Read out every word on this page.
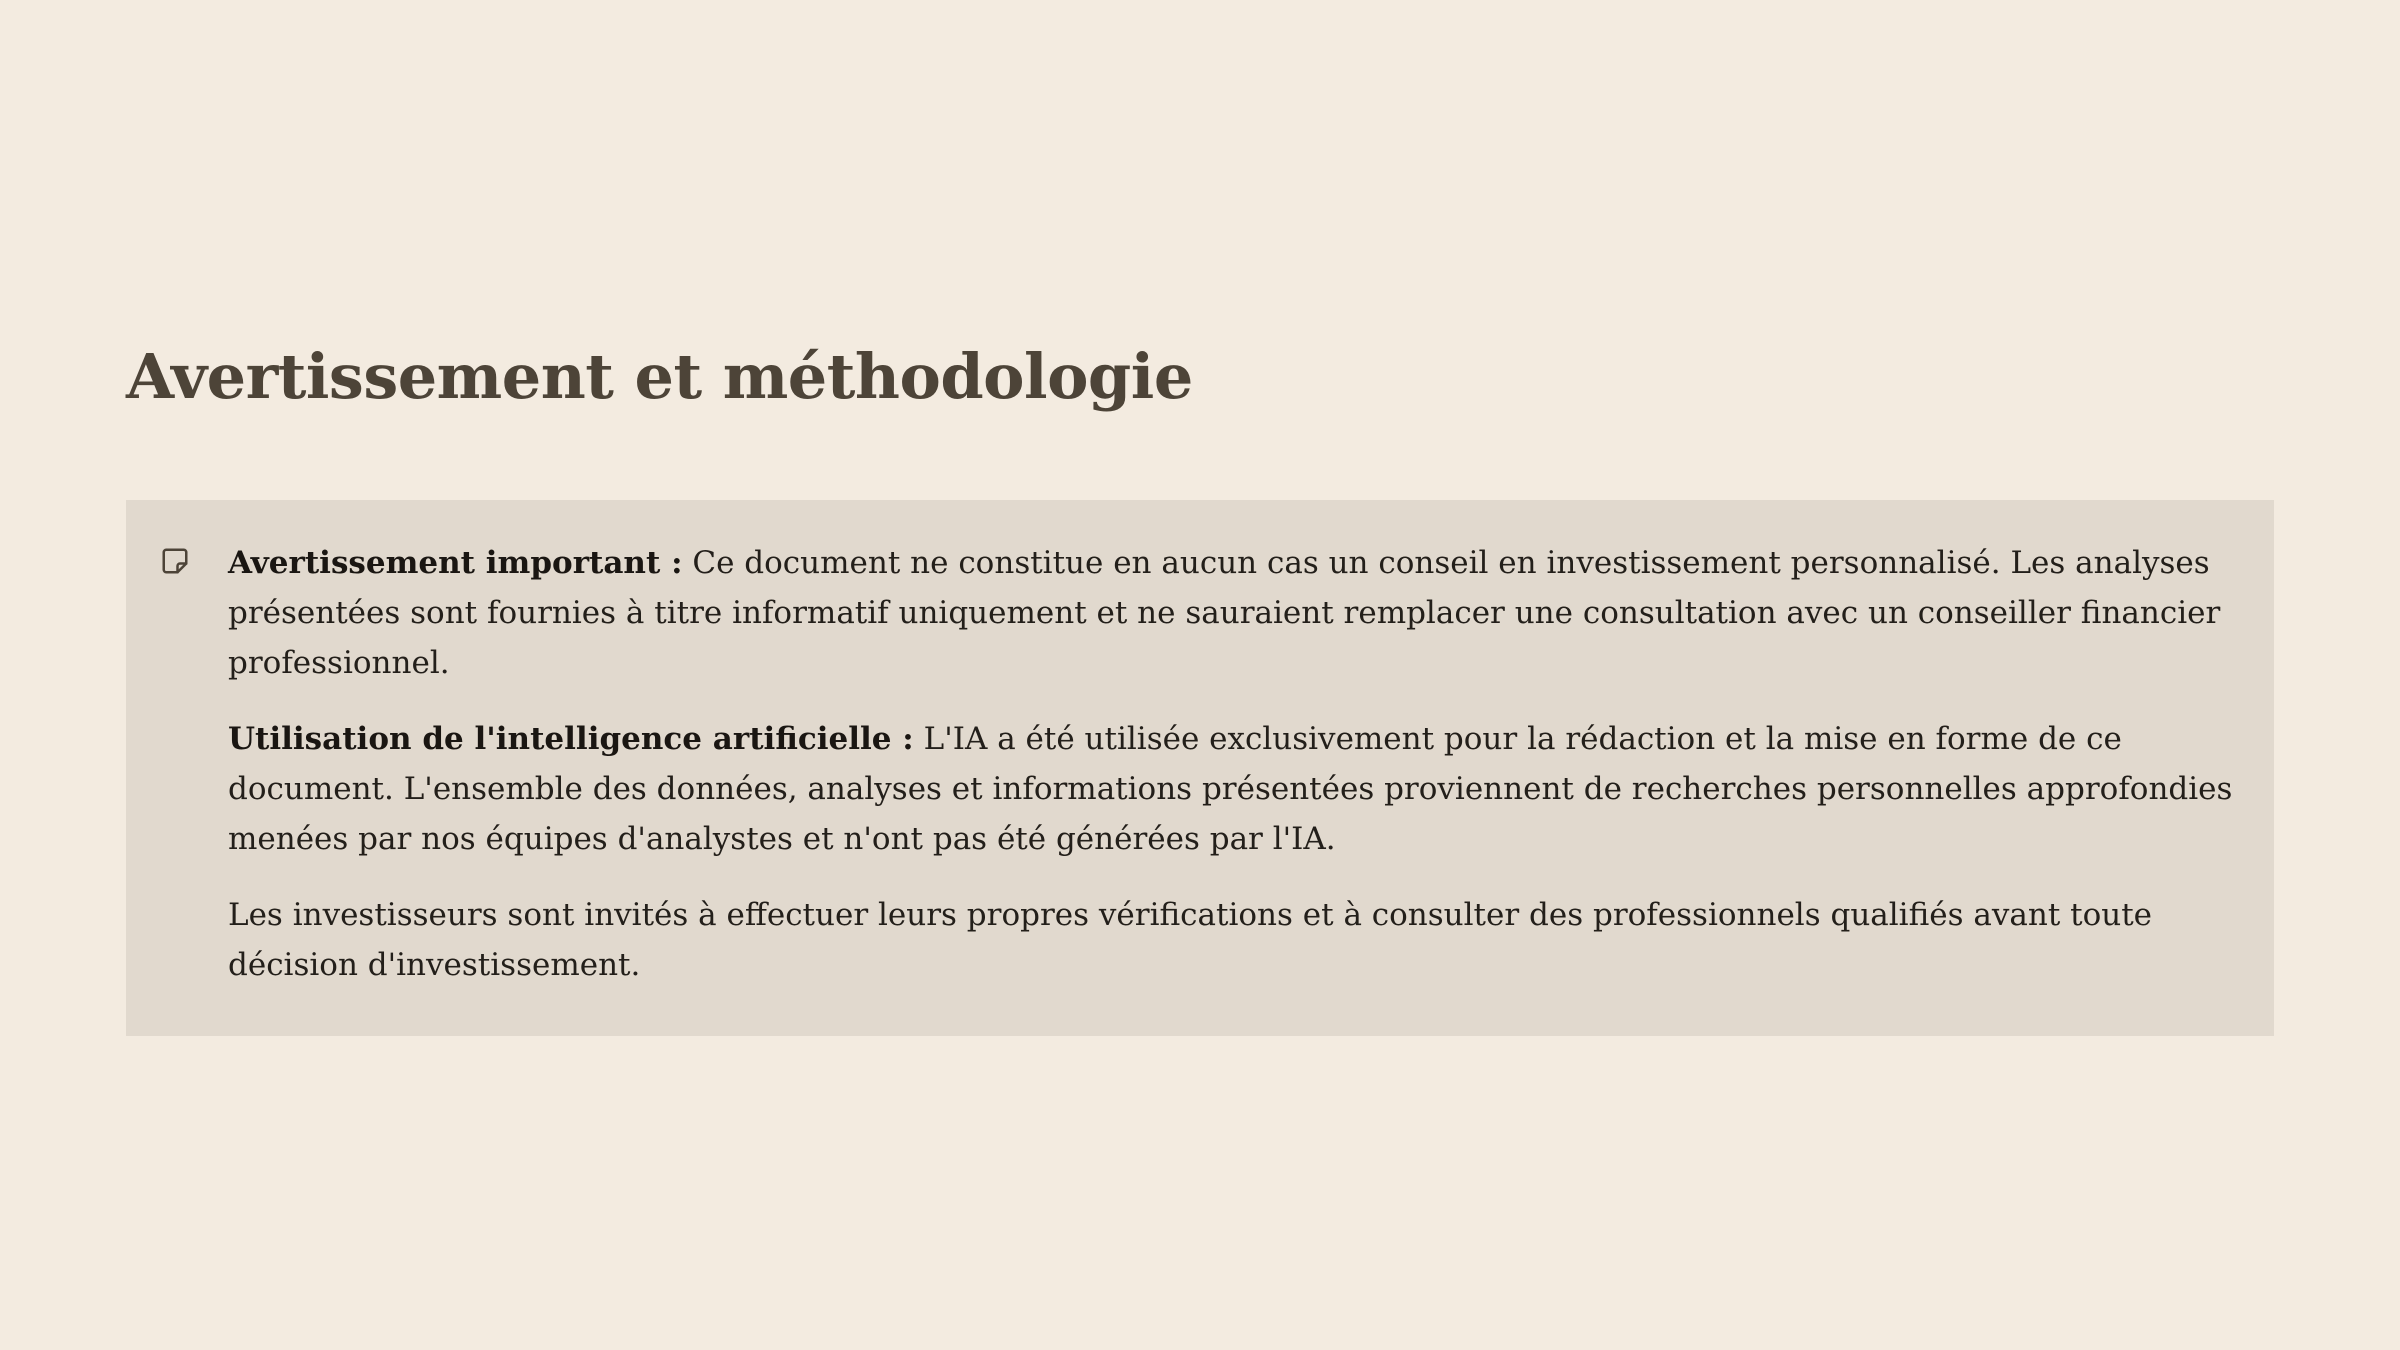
Avertissement et méthodologie

Avertissement important : Ce document ne constitue en aucun cas un conseil en investissement personnalisé. Les analyses présentées sont fournies à titre informatif uniquement et ne sauraient remplacer une consultation avec un conseiller financier professionnel.

Utilisation de l'intelligence artificielle : L'IA a été utilisée exclusivement pour la rédaction et la mise en forme de ce document. L'ensemble des données, analyses et informations présentées proviennent de recherches personnelles approfondies menées par nos équipes d'analystes et n'ont pas été générées par l'IA.

Les investisseurs sont invités à effectuer leurs propres vérifications et à consulter des professionnels qualifiés avant toute décision d'investissement.
